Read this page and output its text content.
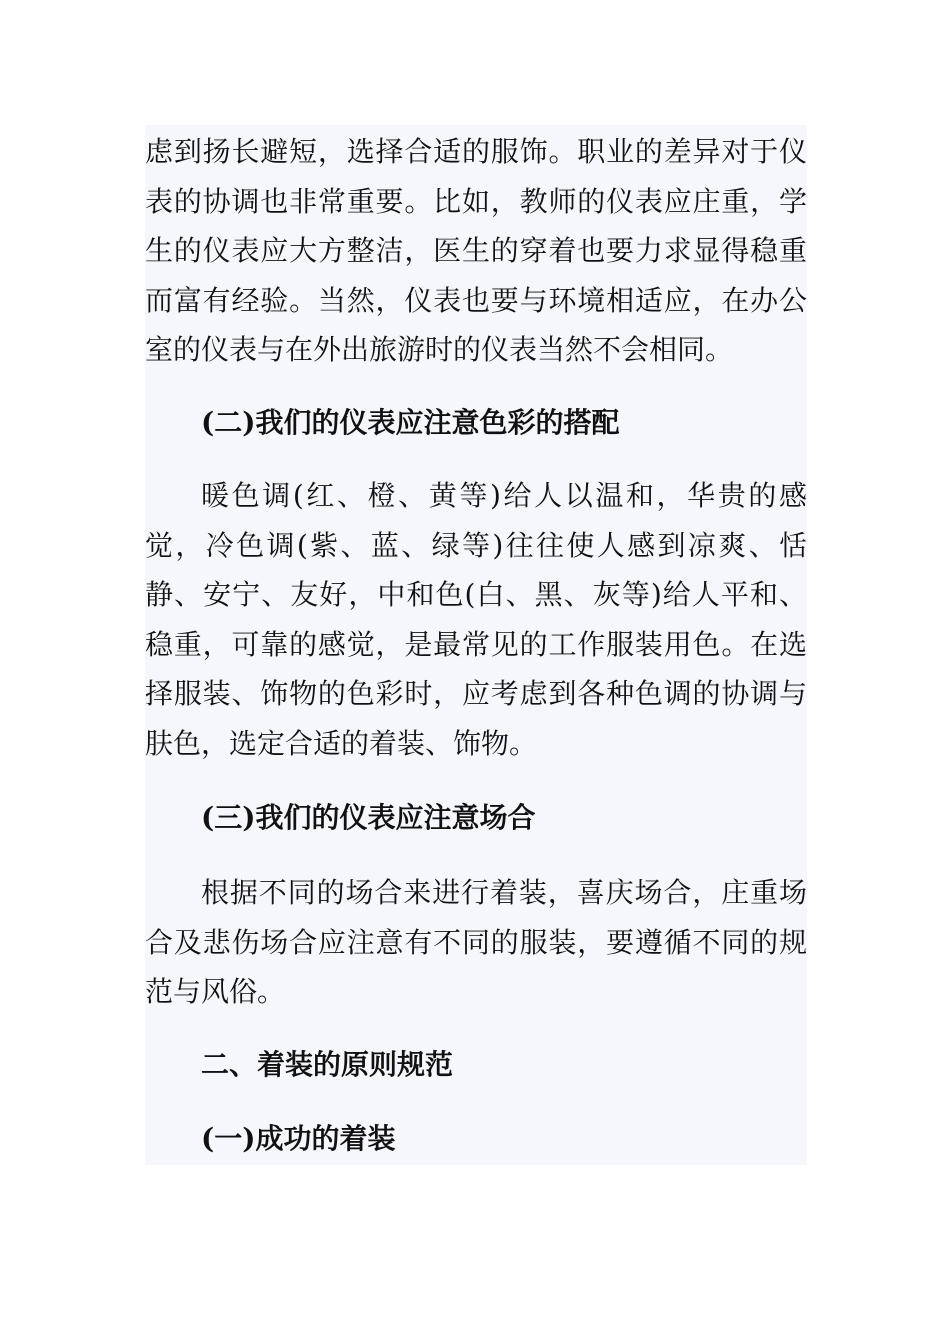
虑到扬长避短，选择合适的服饰。职业的差异对于仪表的协调也非常重要。比如，教师的仪表应庄重，学生的仪表应大方整洁，医生的穿着也要力求显得稳重而富有经验。当然，仪表也要与环境相适应，在办公室的仪表与在外出旅游时的仪表当然不会相同。

(二)我们的仪表应注意色彩的搭配

暖色调(红、橙、黄等)给人以温和，华贵的感觉，冷色调(紫、蓝、绿等)往往使人感到凉爽、恬静、安宁、友好，中和色(白、黑、灰等)给人平和、稳重，可靠的感觉，是最常见的工作服装用色。在选择服装、饰物的色彩时，应考虑到各种色调的协调与肤色，选定合适的着装、饰物。

(三)我们的仪表应注意场合

根据不同的场合来进行着装，喜庆场合，庄重场合及悲伤场合应注意有不同的服装，要遵循不同的规范与风俗。

二、着装的原则规范
(一)成功的着装
